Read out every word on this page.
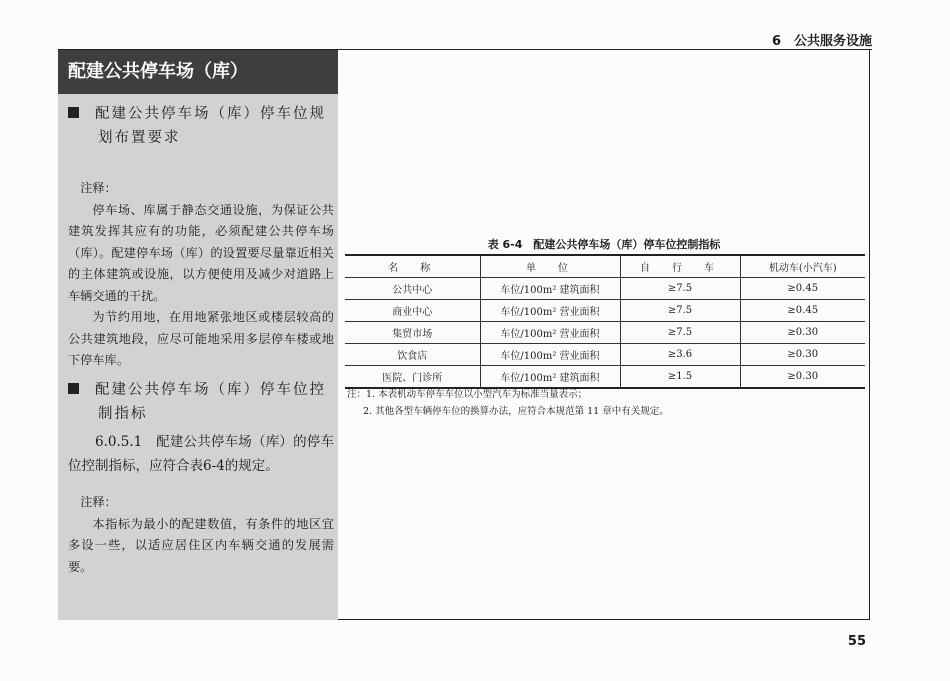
6　公共服务设施
配建公共停车场（库）
配建公共停车场（库）停车位规
划布置要求

注释：

停车场、库属于静态交通设施，为保证公共建筑发挥其应有的功能，必须配建公共停车场（库）。配建停车场（库）的设置要尽量靠近相关的主体建筑或设施，以方便使用及减少对道路上车辆交通的干扰。

为节约用地，在用地紧张地区或楼层较高的公共建筑地段，应尽可能地采用多层停车楼或地下停车库。

配建公共停车场（库）停车位控
制指标
6.0.5.1　配建公共停车场（库）的停车位控制指标，应符合表6-4的规定。

注释：

本指标为最小的配建数值，有条件的地区宜多设一些，以适应居住区内车辆交通的发展需要。

表 6-4　配建公共停车场（库）停车位控制指标
名　称	单　位	自　行　车	机动车(小汽车)
公共中心	车位/100m² 建筑面积	≥7.5	≥0.45
商业中心	车位/100m² 营业面积	≥7.5	≥0.45
集贸市场	车位/100m² 营业面积	≥7.5	≥0.30
饮食店	车位/100m² 营业面积	≥3.6	≥0.30
医院、门诊所	车位/100m² 建筑面积	≥1.5	≥0.30
注：1. 本表机动车停车车位以小型汽车为标准当量表示；
2. 其他各型车辆停车位的换算办法，应符合本规范第 11 章中有关规定。
55
